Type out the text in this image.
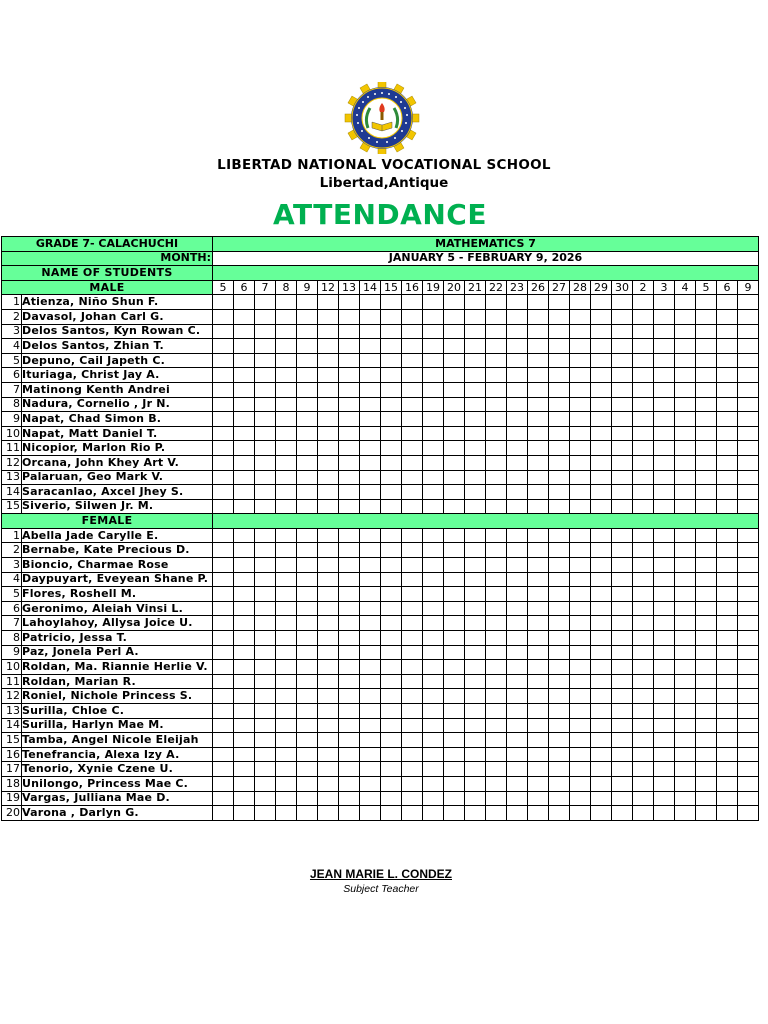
LIBERTAD NATIONAL VOCATIONAL SCHOOL
Libertad,Antique
ATTENDANCE
GRADE 7- CALACHUCHI		MATHEMATICS 7																									
MONTH:		JANUARY 5 - FEBRUARY 9, 2026																									
NAME OF STUDENTS																											
MALE		5	6	7	8	9	12	13	14	15	16	19	20	21	22	23	26	27	28	29	30	2	3	4	5	6	9
1	Atienza, Niño Shun F.																										
2	Davasol, Johan Carl G.																										
3	Delos Santos, Kyn Rowan C.																										
4	Delos Santos, Zhian T.																										
5	Depuno, Cail Japeth C.																										
6	Ituriaga, Christ Jay A.																										
7	Matinong Kenth Andrei																										
8	Nadura, Cornelio , Jr N.																										
9	Napat, Chad Simon B.																										
10	Napat, Matt Daniel T.																										
11	Nicopior, Marlon Rio P.																										
12	Orcana, John Khey Art V.																										
13	Palaruan, Geo Mark V.																										
14	Saracanlao, Axcel Jhey S.																										
15	Siverio, Silwen Jr. M.																										
FEMALE																											
1	Abella Jade Carylle E.																										
2	Bernabe, Kate Precious D.																										
3	Bioncio, Charmae Rose																										
4	Daypuyart, Eveyean Shane P.																										
5	Flores, Roshell M.																										
6	Geronimo, Aleiah Vinsi L.																										
7	Lahoylahoy, Allysa Joice U.																										
8	Patricio, Jessa T.																										
9	Paz, Jonela Perl A.																										
10	Roldan, Ma. Riannie Herlie V.																										
11	Roldan, Marian R.																										
12	Roniel, Nichole Princess S.																										
13	Surilla, Chloe C.																										
14	Surilla, Harlyn Mae M.																										
15	Tamba, Angel Nicole Eleijah																										
16	Tenefrancia, Alexa Izy A.																										
17	Tenorio, Xynie Czene U.																										
18	Unilongo, Princess Mae C.																										
19	Vargas, Julliana Mae D.																										
20	Varona , Darlyn G.																										
JEAN MARIE L. CONDEZ
Subject Teacher
